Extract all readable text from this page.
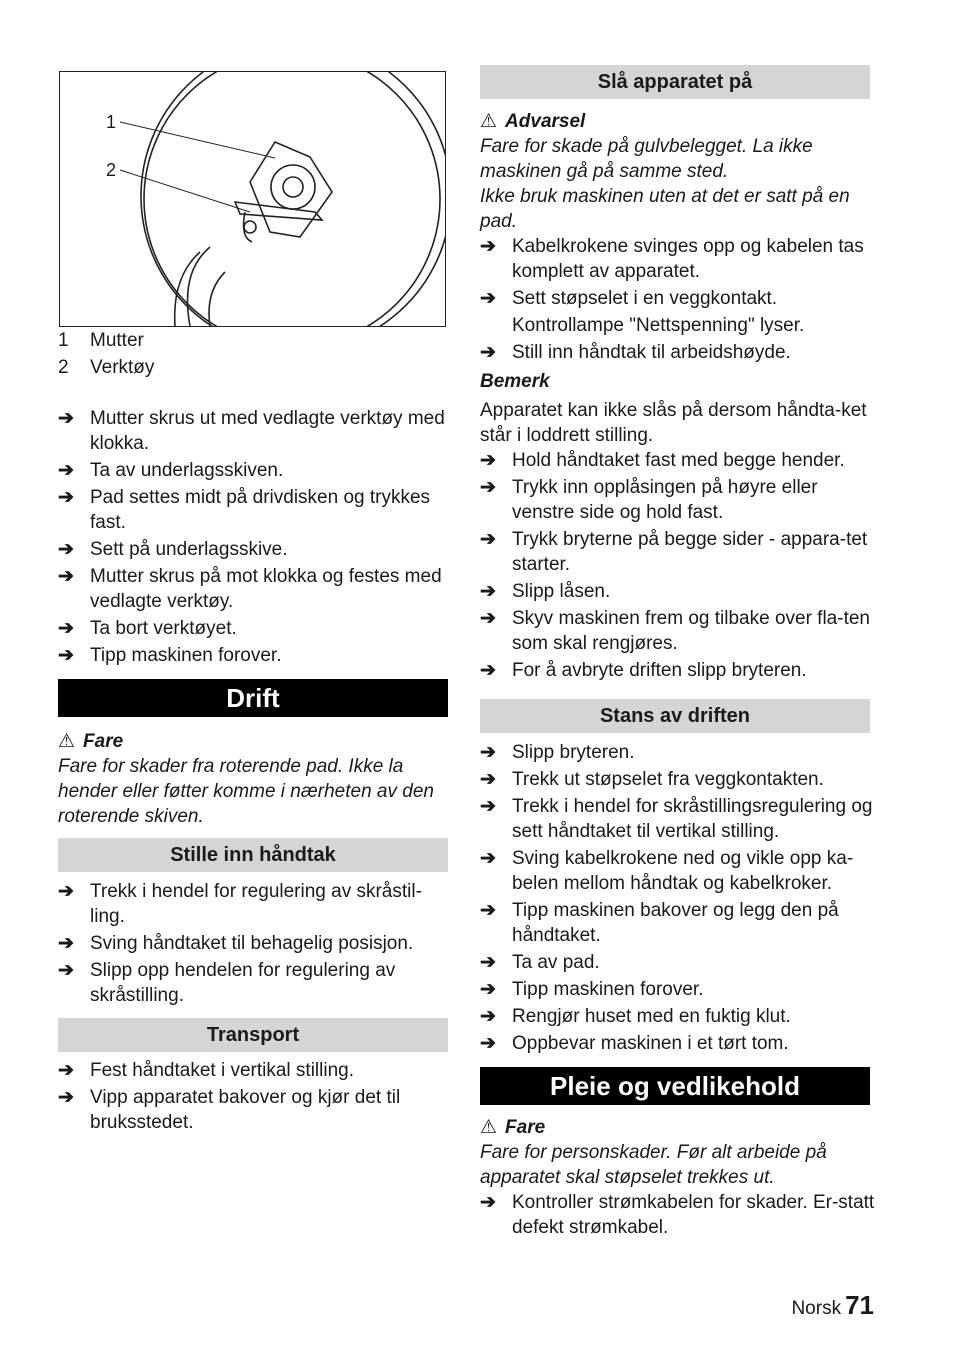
1
2
1 Mutter
2 Verktøy
➔ Mutter skrus ut med vedlagte verktøy med klokka.
➔ Ta av underlagsskiven.
➔ Pad settes midt på drivdisken og trykkes fast.
➔ Sett på underlagsskive.
➔ Mutter skrus på mot klokka og festes med vedlagte verktøy.
➔ Ta bort verktøyet.
➔ Tipp maskinen forover.
Drift
⚠ Fare
Fare for skader fra roterende pad. Ikke la hender eller føtter komme i nærheten av den roterende skiven.
Stille inn håndtak
➔ Trekk i hendel for regulering av skråstil-ling.
➔ Sving håndtaket til behagelig posisjon.
➔ Slipp opp hendelen for regulering av skråstilling.
Transport
➔ Fest håndtaket i vertikal stilling.
➔ Vipp apparatet bakover og kjør det til bruksstedet.
Slå apparatet på
⚠ Advarsel
Fare for skade på gulvbelegget. La ikke maskinen gå på samme sted.
Ikke bruk maskinen uten at det er satt på en pad.
➔ Kabelkrokene svinges opp og kabelen tas komplett av apparatet.
➔ Sett støpselet i en veggkontakt.
Kontrollampe "Nettspenning" lyser.
➔ Still inn håndtak til arbeidshøyde.
Bemerk
Apparatet kan ikke slås på dersom håndta-ket står i loddrett stilling.
➔ Hold håndtaket fast med begge hender.
➔ Trykk inn opplåsingen på høyre eller venstre side og hold fast.
➔ Trykk bryterne på begge sider - appara-tet starter.
➔ Slipp låsen.
➔ Skyv maskinen frem og tilbake over fla-ten som skal rengjøres.
➔ For å avbryte driften slipp bryteren.
Stans av driften
➔ Slipp bryteren.
➔ Trekk ut støpselet fra veggkontakten.
➔ Trekk i hendel for skråstillingsregulering og sett håndtaket til vertikal stilling.
➔ Sving kabelkrokene ned og vikle opp ka-belen mellom håndtak og kabelkroker.
➔ Tipp maskinen bakover og legg den på håndtaket.
➔ Ta av pad.
➔ Tipp maskinen forover.
➔ Rengjør huset med en fuktig klut.
➔ Oppbevar maskinen i et tørt tom.
Pleie og vedlikehold
⚠ Fare
Fare for personskader. Før alt arbeide på apparatet skal støpselet trekkes ut.
➔ Kontroller strømkabelen for skader. Er-statt defekt strømkabel.
Norsk 71
